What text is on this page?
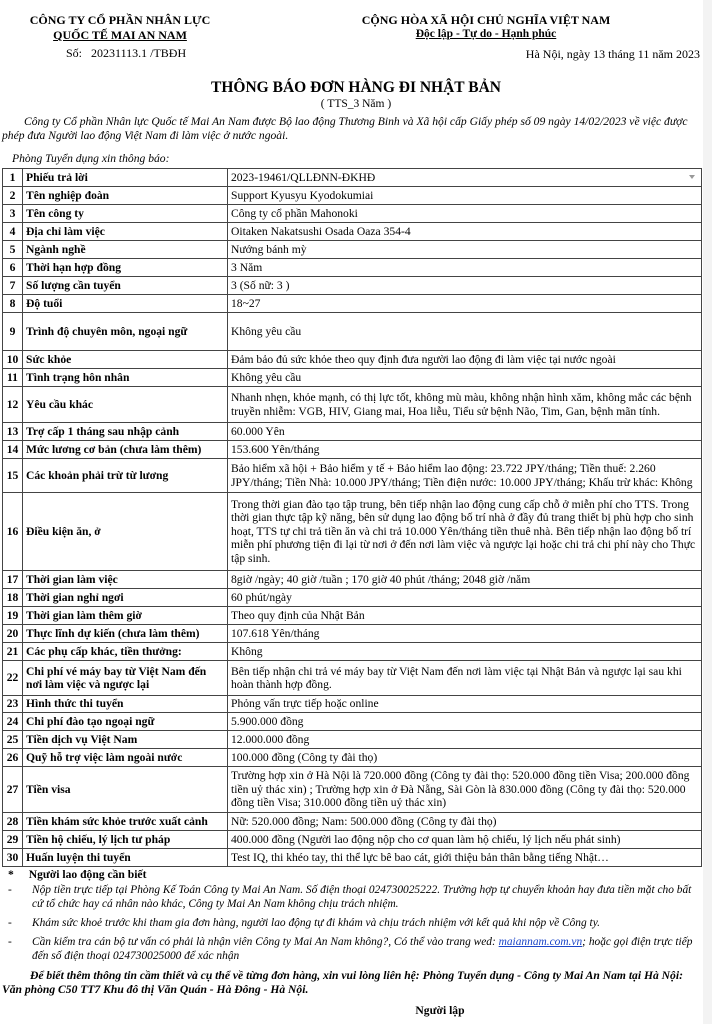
CÔNG TY CỔ PHẦN NHÂN LỰC
QUỐC TẾ MAI AN NAM
Số: 20231113.1 /TBĐH
CỘNG HÒA XÃ HỘI CHỦ NGHĨA VIỆT NAM
Độc lập - Tự do - Hạnh phúc
Hà Nội, ngày 13 tháng 11 năm 2023
THÔNG BÁO ĐƠN HÀNG ĐI NHẬT BẢN
( TTS_3 Năm )
Công ty Cổ phần Nhân lực Quốc tế Mai An Nam được Bộ lao động Thương Binh và Xã hội cấp Giấy phép số 09 ngày 14/02/2023 về việc được phép đưa Người lao động Việt Nam đi làm việc ở nước ngoài.
Phòng Tuyển dụng xin thông báo:
1	Phiếu trả lời	2023-19461/QLLĐNN-ĐKHĐ

2	Tên nghiệp đoàn	Support Kyusyu Kyodokumiai
3	Tên công ty	Công ty cổ phần Mahonoki
4	Địa chỉ làm việc	Oitaken Nakatsushi Osada Oaza 354-4
5	Ngành nghề	Nướng bánh mỳ
6	Thời hạn hợp đồng	3 Năm
7	Số lượng cần tuyển	3 (Số nữ: 3 )
8	Độ tuổi	18~27
9	Trình độ chuyên môn, ngoại ngữ	Không yêu cầu
10	Sức khỏe	Đảm bảo đủ sức khỏe theo quy định đưa người lao động đi làm việc tại nước ngoài
11	Tình trạng hôn nhân	Không yêu cầu
12	Yêu cầu khác	Nhanh nhẹn, khỏe mạnh, có thị lực tốt, không mù màu, không nhận hình xăm, không mắc các bệnh truyền nhiễm: VGB, HIV, Giang mai, Hoa liễu, Tiểu sử bệnh Não, Tim, Gan, bệnh mãn tính.
13	Trợ cấp 1 tháng sau nhập cảnh	60.000 Yên
14	Mức lương cơ bản (chưa làm thêm)	153.600 Yên/tháng
15	Các khoản phải trừ từ lương	Bảo hiểm xã hội + Bảo hiểm y tế + Bảo hiểm lao động: 23.722 JPY/tháng; Tiền thuế: 2.260 JPY/tháng; Tiền Nhà: 10.000 JPY/tháng; Tiền điện nước: 10.000 JPY/tháng; Khấu trừ khác: Không
16	Điều kiện ăn, ở	Trong thời gian đào tạo tập trung, bên tiếp nhận lao động cung cấp chỗ ở miễn phí cho TTS. Trong thời gian thực tập kỹ năng, bên sử dụng lao động bố trí nhà ở đầy đủ trang thiết bị phù hợp cho sinh hoạt, TTS tự chi trả tiền ăn và chi trả 10.000 Yên/tháng tiền thuê nhà. Bên tiếp nhận lao động bố trí miễn phí phương tiện đi lại từ nơi ở đến nơi làm việc và ngược lại hoặc chi trả chi phí này cho Thực tập sinh.
17	Thời gian làm việc	8giờ /ngày; 40 giờ /tuần ; 170 giờ 40 phút /tháng; 2048 giờ /năm
18	Thời gian nghỉ ngơi	60 phút/ngày
19	Thời gian làm thêm giờ	Theo quy định của Nhật Bản
20	Thực lĩnh dự kiến (chưa làm thêm)	107.618 Yên/tháng
21	Các phụ cấp khác, tiền thưởng:	Không
22	Chi phí vé máy bay từ Việt Nam đến nơi làm việc và ngược lại	Bên tiếp nhận chi trả vé máy bay từ Việt Nam đến nơi làm việc tại Nhật Bản và ngược lại sau khi hoàn thành hợp đồng.
23	Hình thức thi tuyển	Phỏng vấn trực tiếp hoặc online
24	Chi phí đào tạo ngoại ngữ	5.900.000 đồng
25	Tiền dịch vụ Việt Nam	12.000.000 đồng
26	Quỹ hỗ trợ việc làm ngoài nước	100.000 đồng (Công ty đài thọ)
27	Tiền visa	Trường hợp xin ở Hà Nội là 720.000 đồng (Công ty đài thọ: 520.000 đồng tiền Visa; 200.000 đồng tiền uỷ thác xin) ; Trường hợp xin ở Đà Nẵng, Sài Gòn là 830.000 đồng (Công ty đài thọ: 520.000 đồng tiền Visa; 310.000 đồng tiền uỷ thác xin)
28	Tiền khám sức khỏe trước xuất cảnh	Nữ: 520.000 đồng; Nam: 500.000 đồng (Công ty đài thọ)
29	Tiền hộ chiếu, lý lịch tư pháp	400.000 đồng (Người lao động nộp cho cơ quan làm hộ chiếu, lý lịch nếu phát sinh)
30	Huấn luyện thi tuyển	Test IQ, thi khéo tay, thi thể lực bê bao cát, giới thiệu bản thân bằng tiếng Nhật…
* Người lao động cần biết
- Nộp tiền trực tiếp tại Phòng Kế Toán Công ty Mai An Nam. Số điện thoại 024730025222. Trường hợp tự chuyển khoản hay đưa tiền mặt cho bất cứ tổ chức hay cá nhân nào khác, Công ty Mai An Nam không chịu trách nhiệm.
- Khám sức khoẻ trước khi tham gia đơn hàng, người lao động tự đi khám và chịu trách nhiệm với kết quả khi nộp về Công ty.
- Cần kiểm tra cán bộ tư vấn có phải là nhận viên Công ty Mai An Nam không?, Có thể vào trang wed: maiannam.com.vn; hoặc gọi điện trực tiếp đến số điện thoại 024730025000 để xác nhận
Để biết thêm thông tin cầm thiết và cụ thể về từng đơn hàng, xin vui lòng liên hệ: Phòng Tuyển dụng - Công ty Mai An Nam tại Hà Nội: Văn phòng C50 TT7 Khu đô thị Văn Quán - Hà Đông - Hà Nội.
Người lập
